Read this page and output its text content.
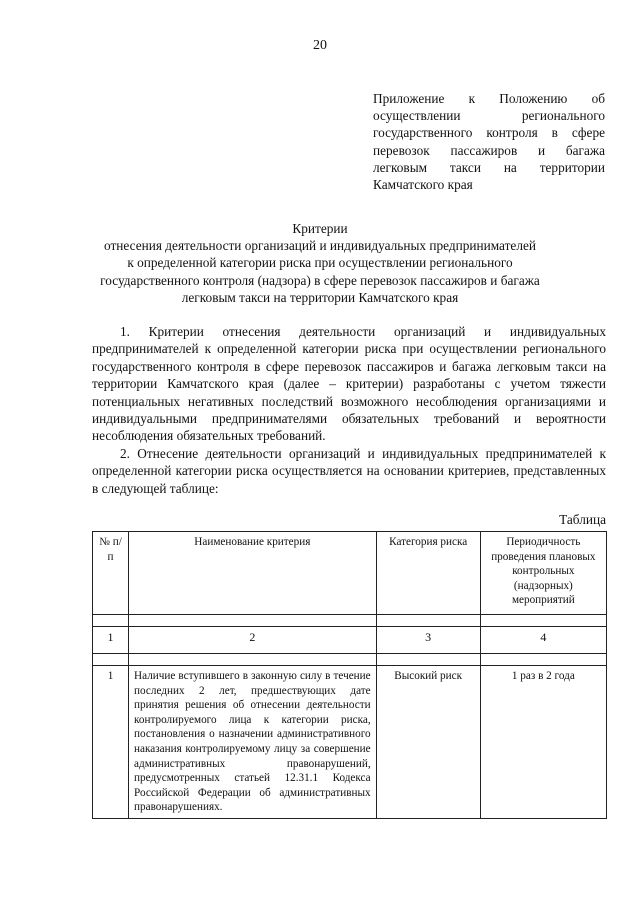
20
Приложение к Положению об осуществлении регионального государственного контроля в сфере перевозок пассажиров и багажа легковым такси на территории Камчатского края
Критерии
отнесения деятельности организаций и индивидуальных предпринимателей
к определенной категории риска при осуществлении регионального
государственного контроля (надзора) в сфере перевозок пассажиров и багажа
легковым такси на территории Камчатского края

1. Критерии отнесения деятельности организаций и индивидуальных предпринимателей к определенной категории риска при осуществлении регионального государственного контроля в сфере перевозок пассажиров и багажа легковым такси на территории Камчатского края (далее – критерии) разработаны с учетом тяжести потенциальных негативных последствий возможного несоблюдения организациями и индивидуальными предпринимателями обязательных требований и вероятности несоблюдения обязательных требований.

2. Отнесение деятельности организаций и индивидуальных предпринимателей к определенной категории риска осуществляется на основании критериев, представленных в следующей таблице:

Таблица
№ п/п	Наименование критерия	Категория риска	Периодичность проведения плановых контрольных (надзорных) мероприятий

1	2	3	4

1	Наличие вступившего в законную силу в течение последних 2 лет, предшествующих дате принятия решения об отнесении деятельности контролируемого лица к категории риска, постановления о назначении административного наказания контролируемому лицу за совершение административных правонарушений, предусмотренных статьей 12.31.1 Кодекса Российской Федерации об административных правонарушениях.	Высокий риск	1 раз в 2 года
